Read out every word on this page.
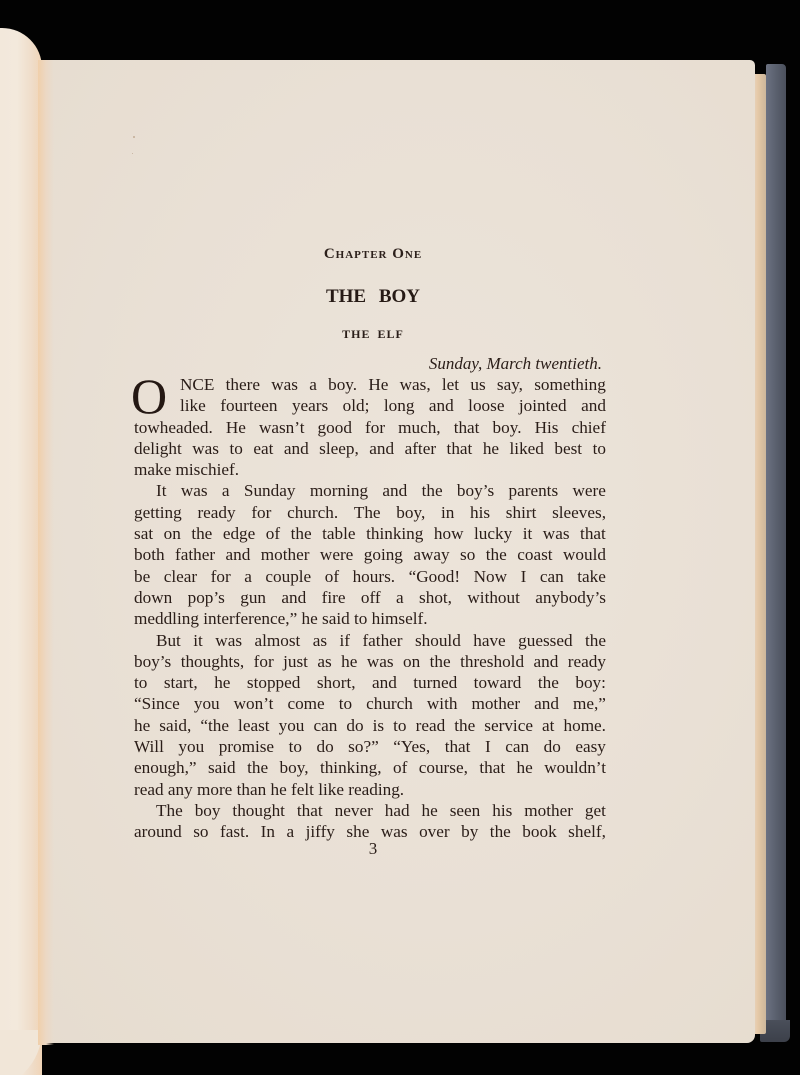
Chapter One
THE BOY
THE ELF
Sunday, March twentieth.
O NCE there was a boy. He was, let us say, something
like fourteen years old; long and loose jointed and
towheaded. He wasn’t good for much, that boy. His chief
delight was to eat and sleep, and after that he liked best to
make mischief.
It was a Sunday morning and the boy’s parents were
getting ready for church. The boy, in his shirt sleeves,
sat on the edge of the table thinking how lucky it was that
both father and mother were going away so the coast would
be clear for a couple of hours. “Good! Now I can take
down pop’s gun and fire off a shot, without anybody’s
meddling interference,” he said to himself.
But it was almost as if father should have guessed the
boy’s thoughts, for just as he was on the threshold and ready
to start, he stopped short, and turned toward the boy:
“Since you won’t come to church with mother and me,”
he said, “the least you can do is to read the service at home.
Will you promise to do so?” “Yes, that I can do easy
enough,” said the boy, thinking, of course, that he wouldn’t
read any more than he felt like reading.
The boy thought that never had he seen his mother get
around so fast. In a jiffy she was over by the book shelf,
3
